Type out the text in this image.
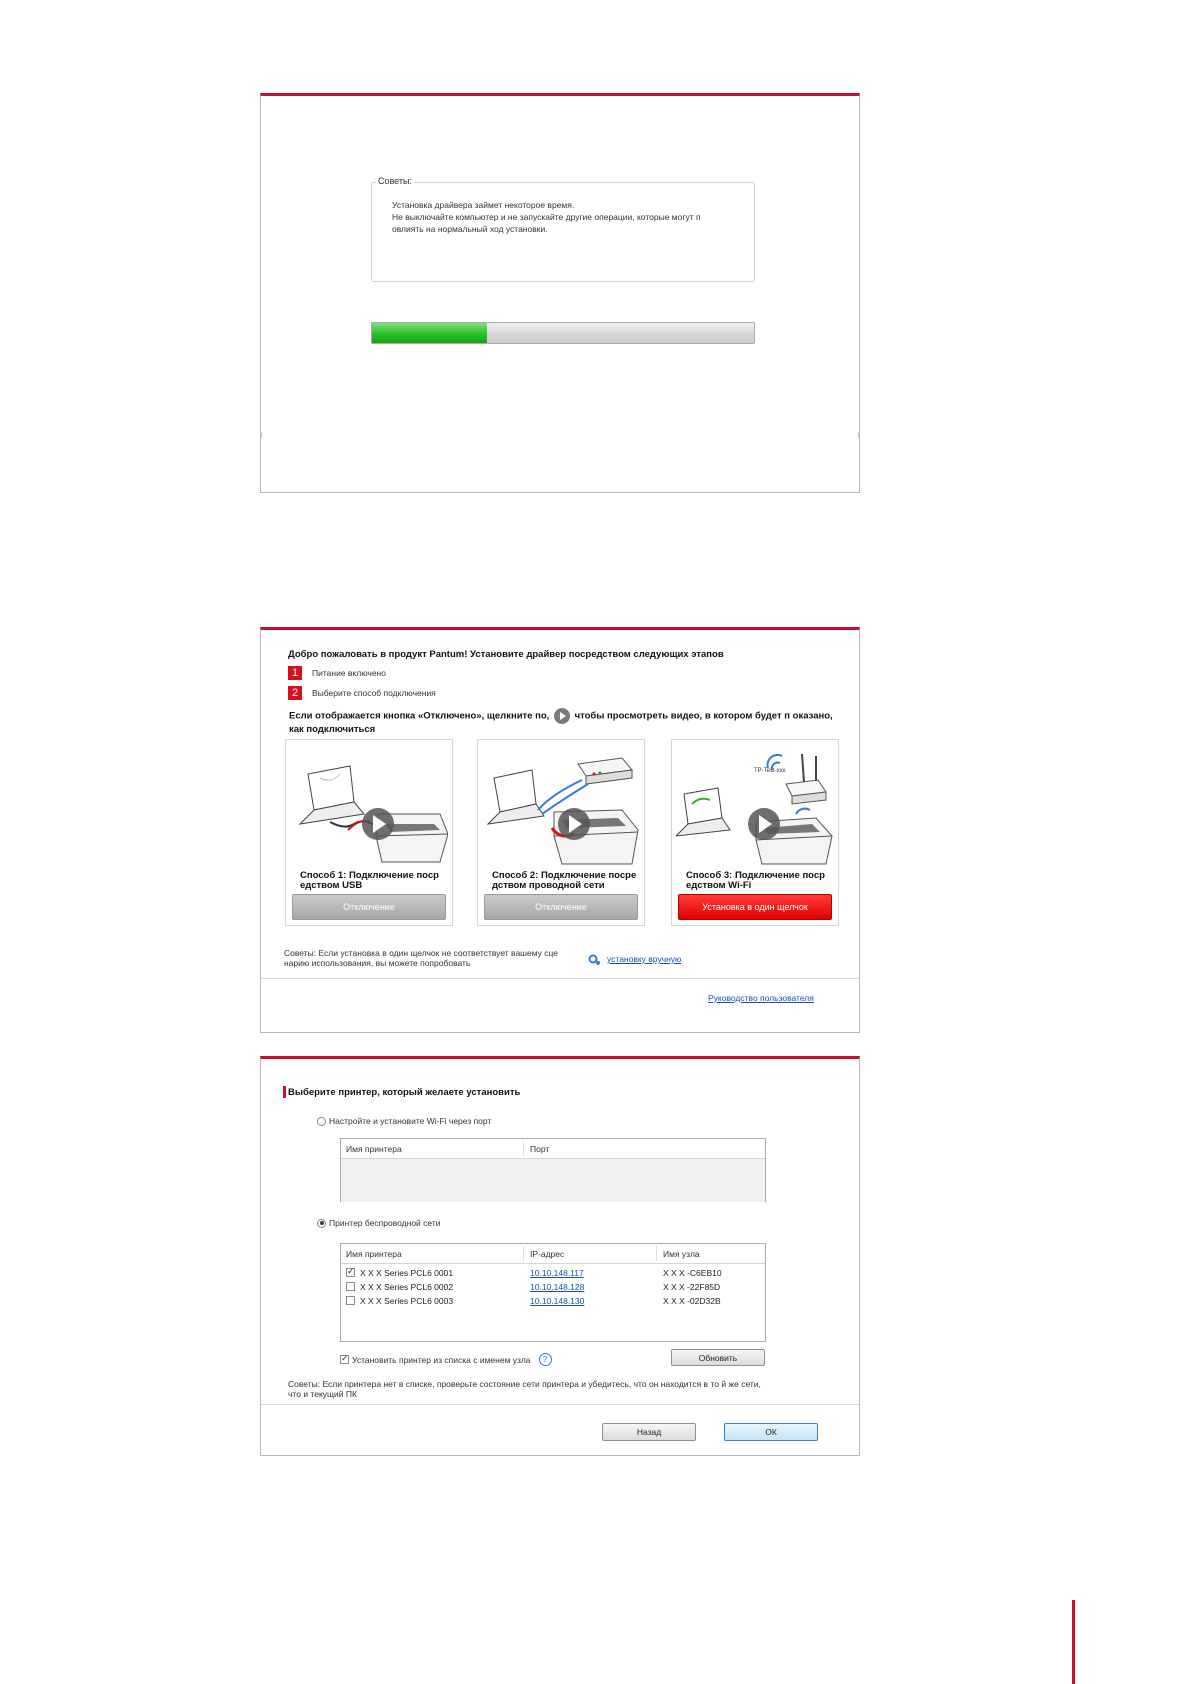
Советы:
Установка драйвера займет некоторое время.
Не выключайте компьютер и не запускайте другие операции, которые могут п
овлиять на нормальный ход установки.
Добро пожаловать в продукт Pantum! Установите драйвер посредством следующих этапов
1	Питание включено
2	Выберите способ подключения
Если отображается кнопка «Отключено», щелкните по,	чтобы просмотреть видео, в котором будет п оказано, как подключиться
Способ 1: Подключение поср едством USB
Отключение
Способ 2: Подключение посре дством проводной сети
Отключение
TP-Test-xxx
Способ 3: Подключение поср едством Wi-Fi
Установка в один щелчок
Советы: Если установка в один щелчок не соответствует вашему сце нарию использования, вы можете попробовать	установку вручную
Руководство пользователя
Выберите принтер, который желаете установить
Настройте и установите Wi-Fi через порт
Имя принтера	Порт
Принтер беспроводной сети
Имя принтера	IP-адрес	Имя узла
✓
X X X Series PCL6 0001	10.10.148.117	X X X -C6EB10
X X X Series PCL6 0002	10.10.148.128	X X X -22F85D
X X X Series PCL6 0003	10.10.148.130	X X X -02D32B
✓
Установить принтер из списка с именем узла	?	Обновить
Советы: Если принтера нет в списке, проверьте состояние сети принтера и убедитесь, что он находится в то й же сети, что и текущий ПК
Назад	ОК
